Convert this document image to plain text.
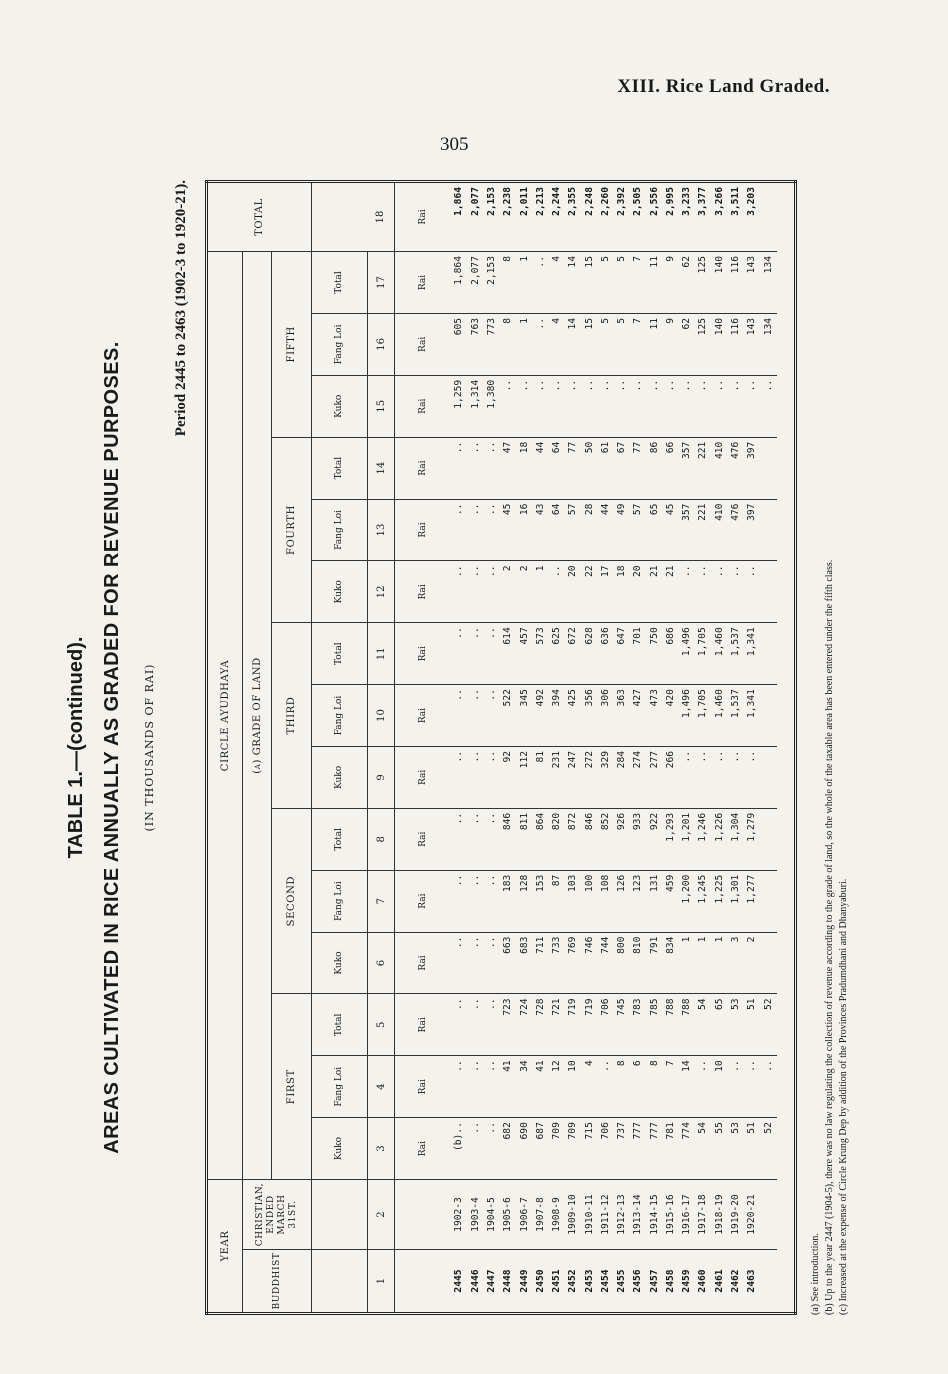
XIII. Rice Land Graded.
305
TABLE 1.—(continued). AREAS CULTIVATED IN RICE ANNUALLY AS GRADED FOR REVENUE PURPOSES. (IN THOUSANDS OF RAI)
Period 2445 to 2463 (1902-3 to 1920-21).
YEAR		CIRCLE AYUDHAYA															TOTAL
BUDDHIST	CHRISTIAN, ENDED MARCH 31ST.	(a) GRADE OF LAND															
		FIRST			SECOND			THIRD			FOURTH			FIFTH			
		Kuko	Fang Loi	Total	Kuko	Fang Loi	Total	Kuko	Fang Loi	Total	Kuko	Fang Loi	Total	Kuko	Fang Loi	Total	
1	2	3	4	5	6	7	8	9	10	11	12	13	14	15	16	17	18
		Rai	Rai	Rai	Rai	Rai	Rai	Rai	Rai	Rai	Rai	Rai	Rai	Rai	Rai	Rai	Rai
2445	1902-3	(b)..	..	..	..	..	..	..	..	..	..	..	..	1,259	605	1,864	1,864
2446	1903-4	..	..	..	..	..	..	..	..	..	..	..	..	1,314	763	2,077	2,077
2447	1904-5	..	..	..	..	..	..	..	..	..	..	..	..	1,380	773	2,153	2,153
2448	1905-6	682	41	723	663	183	846	92	522	614	2	45	47	..	8	8	2,238
2449	1906-7	690	34	724	683	128	811	112	345	457	2	16	18	..	1	1	2,011
2450	1907-8	687	41	728	711	153	864	81	492	573	1	43	44	..	..	..	2,213
2451	1908-9	709	12	721	733	87	820	231	394	625	..	64	64	..	4	4	2,244
2452	1909-10	709	10	719	769	103	872	247	425	672	20	57	77	..	14	14	2,355
2453	1910-11	715	4	719	746	100	846	272	356	628	22	28	50	..	15	15	2,248
2454	1911-12	706	..	706	744	108	852	329	306	636	17	44	61	..	5	5	2,260
2455	1912-13	737	8	745	800	126	926	284	363	647	18	49	67	..	5	5	2,392
2456	1913-14	777	6	783	810	123	933	274	427	701	20	57	77	..	7	7	2,505
2457	1914-15	777	8	785	791	131	922	277	473	750	21	65	86	..	11	11	2,556
2458	1915-16	781	7	788	834	459	1,293	266	420	686	21	45	66	..	9	9	2,995
2459	1916-17	774	14	788	1	1,200	1,201	..	1,496	1,496	..	357	357	..	62	62	3,233
2460	1917-18	54	..	54	1	1,245	1,246	..	1,705	1,705	..	221	221	..	125	125	3,377
2461	1918-19	55	10	65	1	1,225	1,226	..	1,460	1,460	..	410	410	..	140	140	3,266
2462	1919-20	53	..	53	3	1,301	1,304	..	1,537	1,537	..	476	476	..	116	116	3,511
2463	1920-21	51	..	51	2	1,277	1,279	..	1,341	1,341	..	397	397	..	143	143	3,203
		52	..	52										..	134	134	

(a) See introduction. (b) Up to the year 2447 (1904-5), there was no law regulating the collection of revenue according to the grade of land, so the whole of the taxable area has been entered under the fifth class. (c) Increased at the expense of Circle Krung Dep by addition of the Provinces Pradumdhani and Dhanyaburi.
